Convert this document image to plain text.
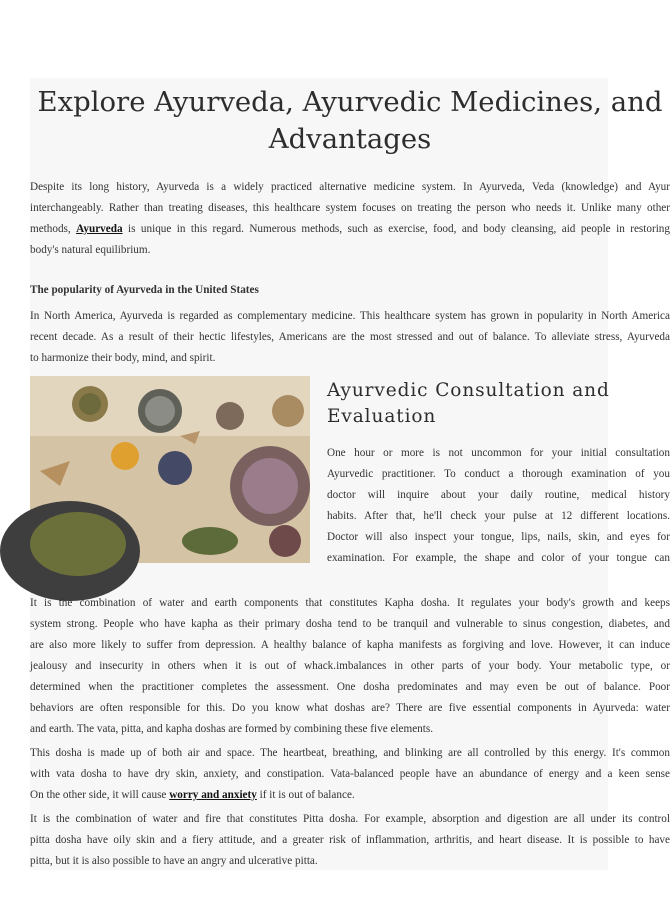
Explore Ayurveda, Ayurvedic Medicines, and
Advantages
Despite its long history, Ayurveda is a widely practiced alternative medicine system. In Ayurveda, Veda (knowledge) and Ayur
interchangeably. Rather than treating diseases, this healthcare system focuses on treating the person who needs it. Unlike many other
methods, Ayurveda is unique in this regard. Numerous methods, such as exercise, food, and body cleansing, aid people in restoring
body's natural equilibrium.
The popularity of Ayurveda in the United States
In North America, Ayurveda is regarded as complementary medicine. This healthcare system has grown in popularity in North America
recent decade. As a result of their hectic lifestyles, Americans are the most stressed and out of balance. To alleviate stress, Ayurveda
to harmonize their body, mind, and spirit.
Ayurvedic Consultation and
Evaluation
One hour or more is not uncommon for your initial consultation
Ayurvedic practitioner. To conduct a thorough examination of you
doctor will inquire about your daily routine, medical history
habits. After that, he'll check your pulse at 12 different locations.
Doctor will also inspect your tongue, lips, nails, skin, and eyes for
examination. For example, the shape and color of your tongue can
It is the combination of water and earth components that constitutes Kapha dosha. It regulates your body's growth and keeps
system strong. People who have kapha as their primary dosha tend to be tranquil and vulnerable to sinus congestion, diabetes, and
are also more likely to suffer from depression. A healthy balance of kapha manifests as forgiving and love. However, it can induce
jealousy and insecurity in others when it is out of whack.imbalances in other parts of your body. Your metabolic type, or
determined when the practitioner completes the assessment. One dosha predominates and may even be out of balance. Poor
behaviors are often responsible for this. Do you know what doshas are? There are five essential components in Ayurveda: water
and earth. The vata, pitta, and kapha doshas are formed by combining these five elements.
This dosha is made up of both air and space. The heartbeat, breathing, and blinking are all controlled by this energy. It's common
with vata dosha to have dry skin, anxiety, and constipation. Vata-balanced people have an abundance of energy and a keen sense
On the other side, it will cause worry and anxiety if it is out of balance.
It is the combination of water and fire that constitutes Pitta dosha. For example, absorption and digestion are all under its control
pitta dosha have oily skin and a fiery attitude, and a greater risk of inflammation, arthritis, and heart disease. It is possible to have
pitta, but it is also possible to have an angry and ulcerative pitta.
